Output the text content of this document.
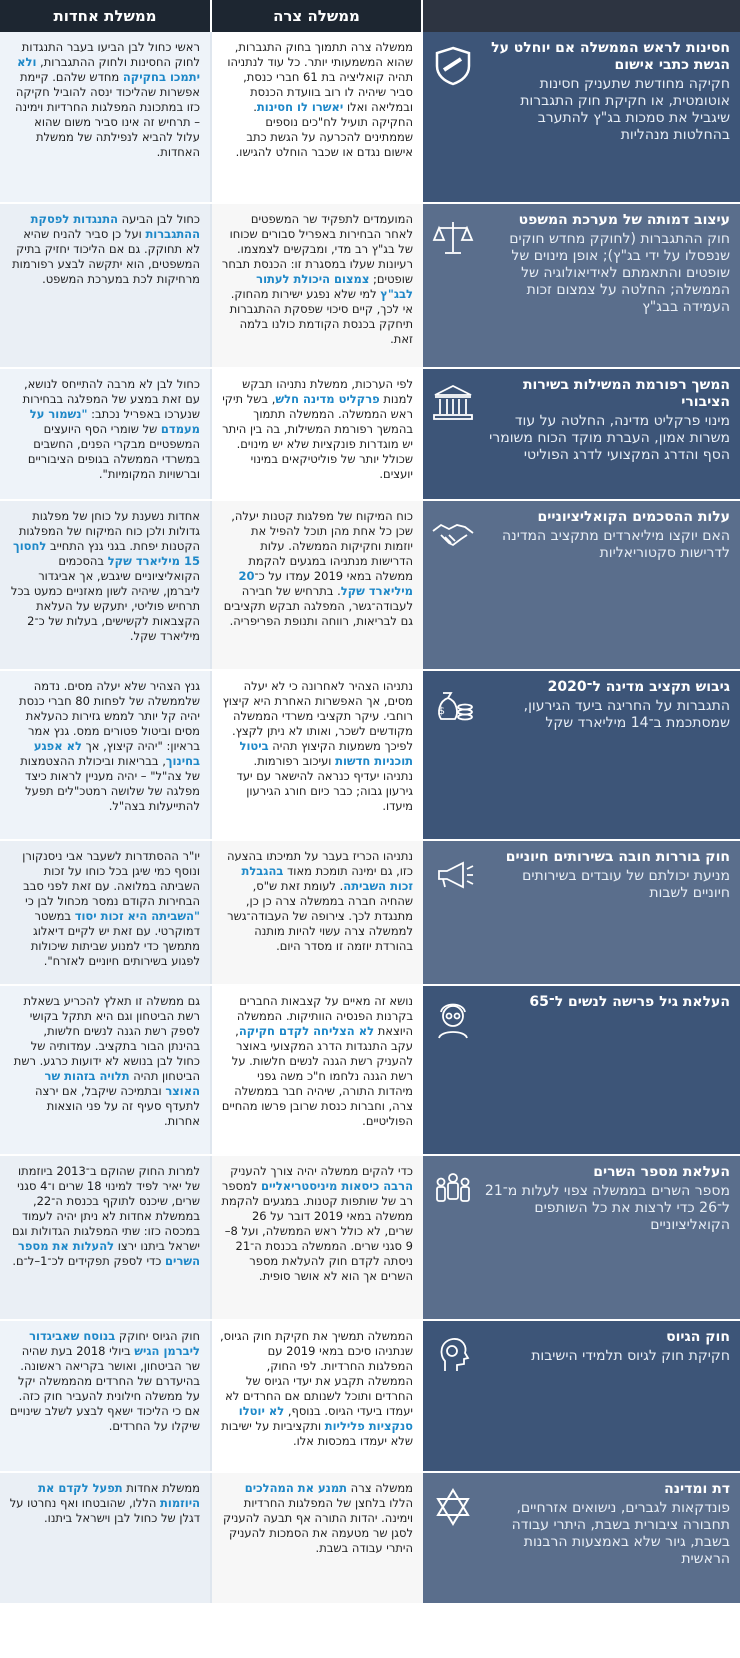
ממשלה צרה
ממשלת אחדות
חסינות לראש הממשלה אם יוחלט על הגשת כתבי אישום
חקיקה מחודשת שתעניק חסינות אוטומטית, או חקיקת חוק התגברות שיגביל את סמכות בג"ץ להתערב בהחלטות מנהליות
ממשלה צרה תתמוך בחוק התגברות, שהוא המשמעותי יותר. כל עוד לנתניהו תהיה קואליציה בת 61 חברי כנסת, סביר שיהיה לו רוב בוועדת הכנסת ובמליאה ואלו יאשרו לו חסינות. החקיקה תועיל לח"כים נוספים שממתינים להכרעה על הגשת כתב אישום נגדם או שכבר הוחלט להגישו.
ראשי כחול לבן הביעו בעבר התנגדות לחוק החסינות ולחוק ההתגברות, ולא יתמכו בחקיקה מחדש שלהם. קיימת אפשרות שהליכוד ינסה להוביל חקיקה כזו במתכונת המפלגות החרדיות וימינה – תרחיש זה אינו סביר משום שהוא עלול להביא לנפילתה של ממשלת האחדות.
עיצוב דמותה של מערכת המשפט
חוק ההתגברות (לחוקק מחדש חוקים שנפסלו על ידי בג"ץ); אופן מינוים של שופטים והתאמתם לאידיאולוגיה של הממשלה; החלטה על צמצום זכות העמידה בבג"ץ
המועמדים לתפקיד שר המשפטים לאחר הבחירות באפריל סבורים שכוחו של בג"ץ רב מדי, ומבקשים לצמצמו. רעיונות שעלו במסגרת זו: הכנסת תבחר שופטים; צמצום היכולת לעתור לבג"ץ למי שלא נפגע ישירות מהחוק. אי לכך, קיים סיכוי שפסקת ההתגברות תיחקק בכנסת הקודמת כולנו בלמה זאת.
כחול לבן הביעה התנגדות לפסקת ההתגברות ועל כן סביר להניח שהיא לא תחוקק. גם אם הליכוד יחזיק בתיק המשפטים, הוא יתקשה לבצע רפורמות מרחיקות לכת במערכת המשפט.
המשך רפורמת המשילות בשירות הציבורי
מינוי פרקליט מדינה, החלטה על עוד משרות אמון, העברת מוקד הכוח משומרי הסף והדרג המקצועי לדרג הפוליטי
לפי הערכות, ממשלת נתניהו תבקש למנות פרקליט מדינה חלש, בשל תיקי ראש הממשלה. הממשלה תתמוך בהמשך רפורמת המשילות, בה בין היתר יש מוגדרות פונקציות שלא יש מינוים. שכולל יותר של פוליטיקאים במינוי יועצים.
כחול לבן לא מרבה להתייחס לנושא, עם זאת במצע של המפלגה בבחירות שנערכו באפריל נכתב: "נשמור על מעמדם של שומרי הסף היועצים המשפטיים מבקרי הפנים, החשבים במשרדי הממשלה בגופים הציבוריים וברשויות המקומיות".
עלות ההסכמים הקואליציוניים
האם יוקצו מיליארדים מתקציב המדינה לדרישות סקטוריאליות
כוח המיקוח של מפלגות קטנות יעלה, שכן כל אחת מהן תוכל להפיל את יוזמות וחקיקות הממשלה. עלות הדרישות מנתניהו במגעים להקמת ממשלה במאי 2019 עמדו על כ־20 מיליארד שקל. בתרחיש של חבירה לעבודה־גשר, המפלגה תבקש תקציבים גם לבריאות, רווחה ותנופת הפריפריה.
אחדות נשענת על כוחן של מפלגות גדולות ולכן כוח המיקוח של המפלגות הקטנות יפחת. בגני גנץ התחייב לחסוך 15 מיליארד שקל בהסכמים הקואליציוניים שיגבש, אך אביגדור ליברמן, שיהיה לשון מאזניים כמעט בכל תרחיש פוליטי, יתעקש על העלאת הקצבאות לקשישים, בעלות של כ־2 מיליארד שקל.
גיבוש תקציב מדינה ל־2020
התגברות על החריגה ביעד הגירעון, שמסתכמת ב־14 מיליארד שקל
$
נתניהו הצהיר לאחרונה כי לא יעלה מסים, אך האפשרות האחרת היא קיצוץ רוחבי. עיקר תקציבי משרדי הממשלה מקודשים לשכר, ואותו לא ניתן לקצץ. לפיכך משמעות הקיצוץ תהיה ביטול תוכניות חדשות ועיכוב רפורמות. נתניהו יעדיף כנראה להישאר עם יעד גירעון גבוה; כבר כיום חורג הגירעון מיעדו.
גנץ הצהיר שלא יעלה מסים. נדמה שלממשלה של לפחות 80 חברי כנסת יהיה קל יותר לממש גזירות כהעלאת מסים וביטול פטורים ממס. גנץ אמר בראיון: "יהיה קיצוץ, אך לא אפגע בחינוך, בבריאות וביכולת ההצטמצות של צה"ל" – יהיה מעניין לראות כיצד מפלגה של שלושה רמטכ"לים תפעל להתייעלות בצה"ל.
חוק בוררות חובה בשירותים חיוניים
מניעת יכולתם של עובדים בשירותים חיוניים לשבות
נתניהו הכריז בעבר על תמיכתו בהצעה כזו, גם ימינה תומכת מאוד בהגבלת זכות השביתה. לעומת זאת ש"ס, שהחיה חברה בממשלה צרה כן כן, מתנגדת לכך. צירופה של העבודה־גשר לממשלה צרה עשוי להיות מותנה בהורדת יוזמה זו מסדר היום.
יו"ר ההסתדרות לשעבר אבי ניסנקורן ונוסף כמי שיגן בכל כוחו על זכות השביתה במלואה. עם זאת לפני סבב הבחירות הקודם נמסר מכחול לבן כי "השביתה היא זכות יסוד במשטר דמוקרטי. עם זאת יש לקיים דיאלוג מתמשך כדי למנוע שביתות שיכולות לפגוע בשירותים חיוניים לאזרח".
העלאת גיל פרישה לנשים ל־65
נושא זה מאיים על קצבאות החברים בקרנות הפנסיה הוותיקות. הממשלה היוצאת לא הצליחה לקדם חקיקה, עקב התנגדות הדרג המקצועי באוצר להעניק רשת הגנה לנשים חלשות. על רשת הגנה נלחמו ח"כ משה גפני מיהדות התורה, שיהיה חבר בממשלה צרה, וחברות כנסת שרובן פרשו מהחיים הפוליטיים.
גם ממשלה זו תאלץ להכריע בשאלת רשת הביטחון וגם היא תתקל בקושי לספק רשת הגנה לנשים חלשות, בהינתן הבור בתקציב. עמדותיה של כחול לבן בנושא לא ידועות כרגע. רשת הביטחון תהיה תלויה בזהות שר האוצר ובתמיכה שיקבל, אם ירצה לתעדף סעיף זה על פני הוצאות אחרות.
העלאת מספר השרים
מספר השרים בממשלה צפוי לעלות מ־21 ל־26 כדי לרצות את כל השותפים הקואליציוניים
כדי להקים ממשלה יהיה צורך להעניק הרבה כיסאות מיניסטריאליים למספר רב של שותפות קטנות. במגעים להקמת ממשלה במאי 2019 דובר על 26 שרים, לא כולל ראש הממשלה, ועל 8–9 סגני שרים. הממשלה בכנסת ה־21 ניסתה לקדם חוק להעלאת מספר השרים אך הוא לא אושר סופית.
למרות החוק שהוקם ב־2013 ביוזמתו של יאיר לפיד למינוי 18 שרים ו־4 סגני שרים, שיכנס לתוקף בכנסת ה־22, בממשלת אחדות לא ניתן יהיה לעמוד במכסה כזו: שתי המפלגות הגדולות וגם ישראל ביתנו ירצו להעלות את מספר השרים כדי לספק תפקידים לכ־1–ל־ם.
חוק הגיוס
חקיקת חוק לגיוס תלמידי הישיבות
הממשלה תמשיך את חקיקת חוק הגיוס, שנתניהו סיכם במאי 2019 עם המפלגות החרדיות. לפי החוק, הממשלה תקבע את יעדי הגיוס של החרדים ותוכל לשנותם אם החרדים לא יעמדו ביעדי הגיוס. בנוסף, לא יוטלו סנקציות פליליות ותקציביות על ישיבות שלא יעמדו במכסות אלו.
חוק הגיוס יחוקק בנוסח שאביגדור ליברמן הגיש ביולי 2018 בעת שהיה שר הביטחון, ואושר בקריאה ראשונה. בהיעדרם של החרדים מהממשלה יקל על ממשלה חילונית להעביר חוק כזה. אם כי הליכוד ישאף לבצע לשלב שינויים שיקלו על החרדים.
דת ומדינה
פונדקאות לגברים, נישואים אזרחיים, תחבורה ציבורית בשבת, היתרי עבודה בשבת, גיור שלא באמצעות הרבנות הראשית
ממשלה צרה תמנע את המהלכים הללו בלחצן של המפלגות החרדיות וימינה. יהדות התורה אף תבעה להעניק לסגן שר מטעמה את הסמכות להעניק היתרי עבודה בשבת.
ממשלת אחדות תפעל לקדם את היוזמות הללו, שהובטחו ואף נחרטו על דגלן של כחול לבן וישראל ביתנו.
